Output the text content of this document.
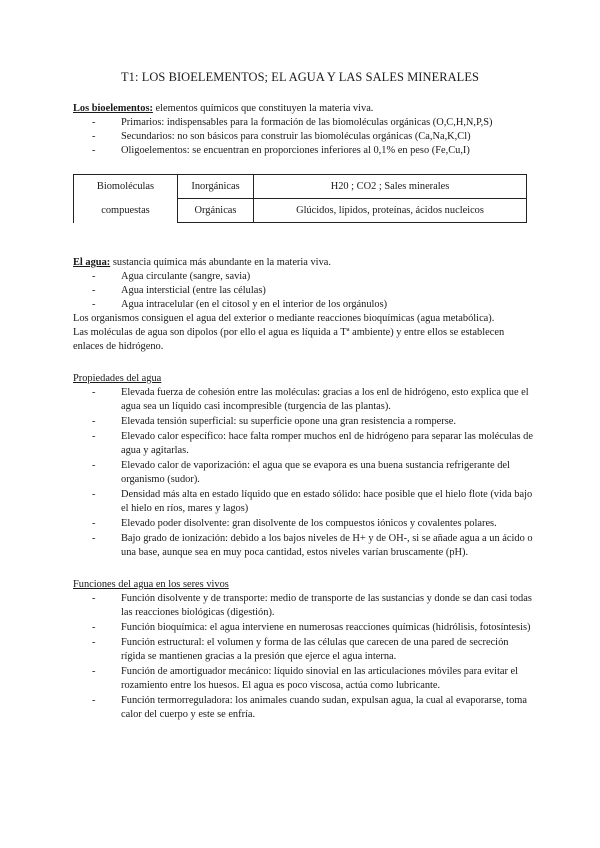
T1: LOS BIOELEMENTOS; EL AGUA Y LAS SALES MINERALES

Los bioelementos: elementos químicos que constituyen la materia viva.

- Primarios: indispensables para la formación de las biomoléculas orgánicas (O,C,H,N,P,S)
- Secundarios: no son básicos para construir las biomoléculas orgánicas (Ca,Na,K,Cl)
- Oligoelementos: se encuentran en proporciones inferiores al 0,1% en peso (Fe,Cu,I)
Biomoléculas	Inorgánicas	H20 ; CO2 ; Sales minerales
compuestas	Orgánicas	Glúcidos, lípidos, proteínas, ácidos nucleicos

El agua: sustancia química más abundante en la materia viva.

- Agua circulante (sangre, savia)
- Agua intersticial (entre las células)
- Agua intracelular (en el citosol y en el interior de los orgánulos)

Los organismos consiguen el agua del exterior o mediante reacciones bioquímicas (agua metabólica).

Las moléculas de agua son dipolos (por ello el agua es líquida a Tª ambiente) y entre ellos se establecen enlaces de hidrógeno.

Propiedades del agua

- Elevada fuerza de cohesión entre las moléculas: gracias a los enl de hidrógeno, esto explica que el agua sea un líquido casi incompresible (turgencia de las plantas).
- Elevada tensión superficial: su superficie opone una gran resistencia a romperse.
- Elevado calor específico: hace falta romper muchos enl de hidrógeno para separar las moléculas de agua y agitarlas.
- Elevado calor de vaporización: el agua que se evapora es una buena sustancia refrigerante del organismo (sudor).
- Densidad más alta en estado líquido que en estado sólido: hace posible que el hielo flote (vida bajo el hielo en ríos, mares y lagos)
- Elevado poder disolvente: gran disolvente de los compuestos iónicos y covalentes polares.
- Bajo grado de ionización: debido a los bajos niveles de H+ y de OH-, si se añade agua a un ácido o una base, aunque sea en muy poca cantidad, estos niveles varían bruscamente (pH).

Funciones del agua en los seres vivos

- Función disolvente y de transporte: medio de transporte de las sustancias y donde se dan casi todas las reacciones biológicas (digestión).
- Función bioquímica: el agua interviene en numerosas reacciones químicas (hidrólisis, fotosíntesis)
- Función estructural: el volumen y forma de las células que carecen de una pared de secreción rígida se mantienen gracias a la presión que ejerce el agua interna.
- Función de amortiguador mecánico: líquido sinovial en las articulaciones móviles para evitar el rozamiento entre los huesos. El agua es poco viscosa, actúa como lubricante.
- Función termorreguladora: los animales cuando sudan, expulsan agua, la cual al evaporarse, toma calor del cuerpo y este se enfría.
